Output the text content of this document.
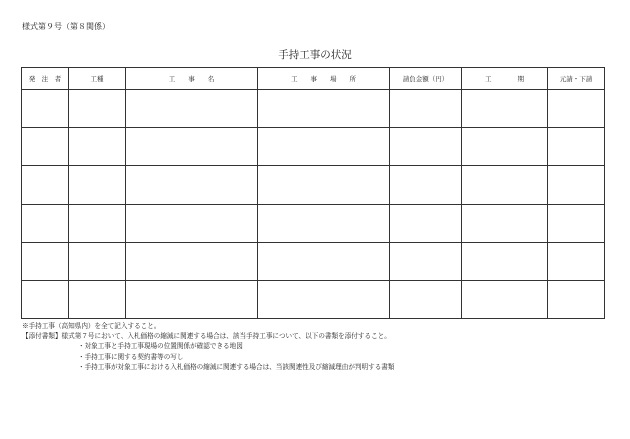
様式第９号（第８関係）
手持工事の状況
発　注　者	工種	工　　事　　名	工　　事　　場　　所	請負金額（円）	工　　　　期	元請・下請

※手持工事（高知県内）を全て記入すること。
【添付書類】様式第７号において、入札価格の縮減に関連する場合は、該当手持工事について、以下の書類を添付すること。
・対象工事と手持工事現場の位置関係が確認できる地図
・手持工事に関する契約書等の写し
・手持工事が対象工事における入札価格の縮減に関連する場合は、当該関連性及び縮減理由が判明する書類
